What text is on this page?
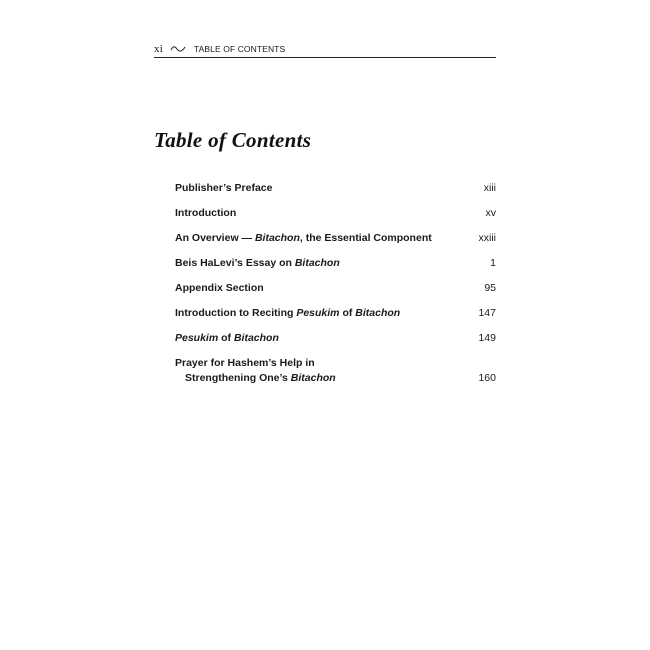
xi	TABLE OF CONTENTS
Table of Contents
Publisher’s Preface	xiii
Introduction	xv
An Overview — Bitachon, the Essential Component	xxiii
Beis HaLevi’s Essay on Bitachon	1
Appendix Section	95
Introduction to Reciting Pesukim of Bitachon	147
Pesukim of Bitachon	149
Prayer for Hashem’s Help in
Strengthening One’s Bitachon	160
